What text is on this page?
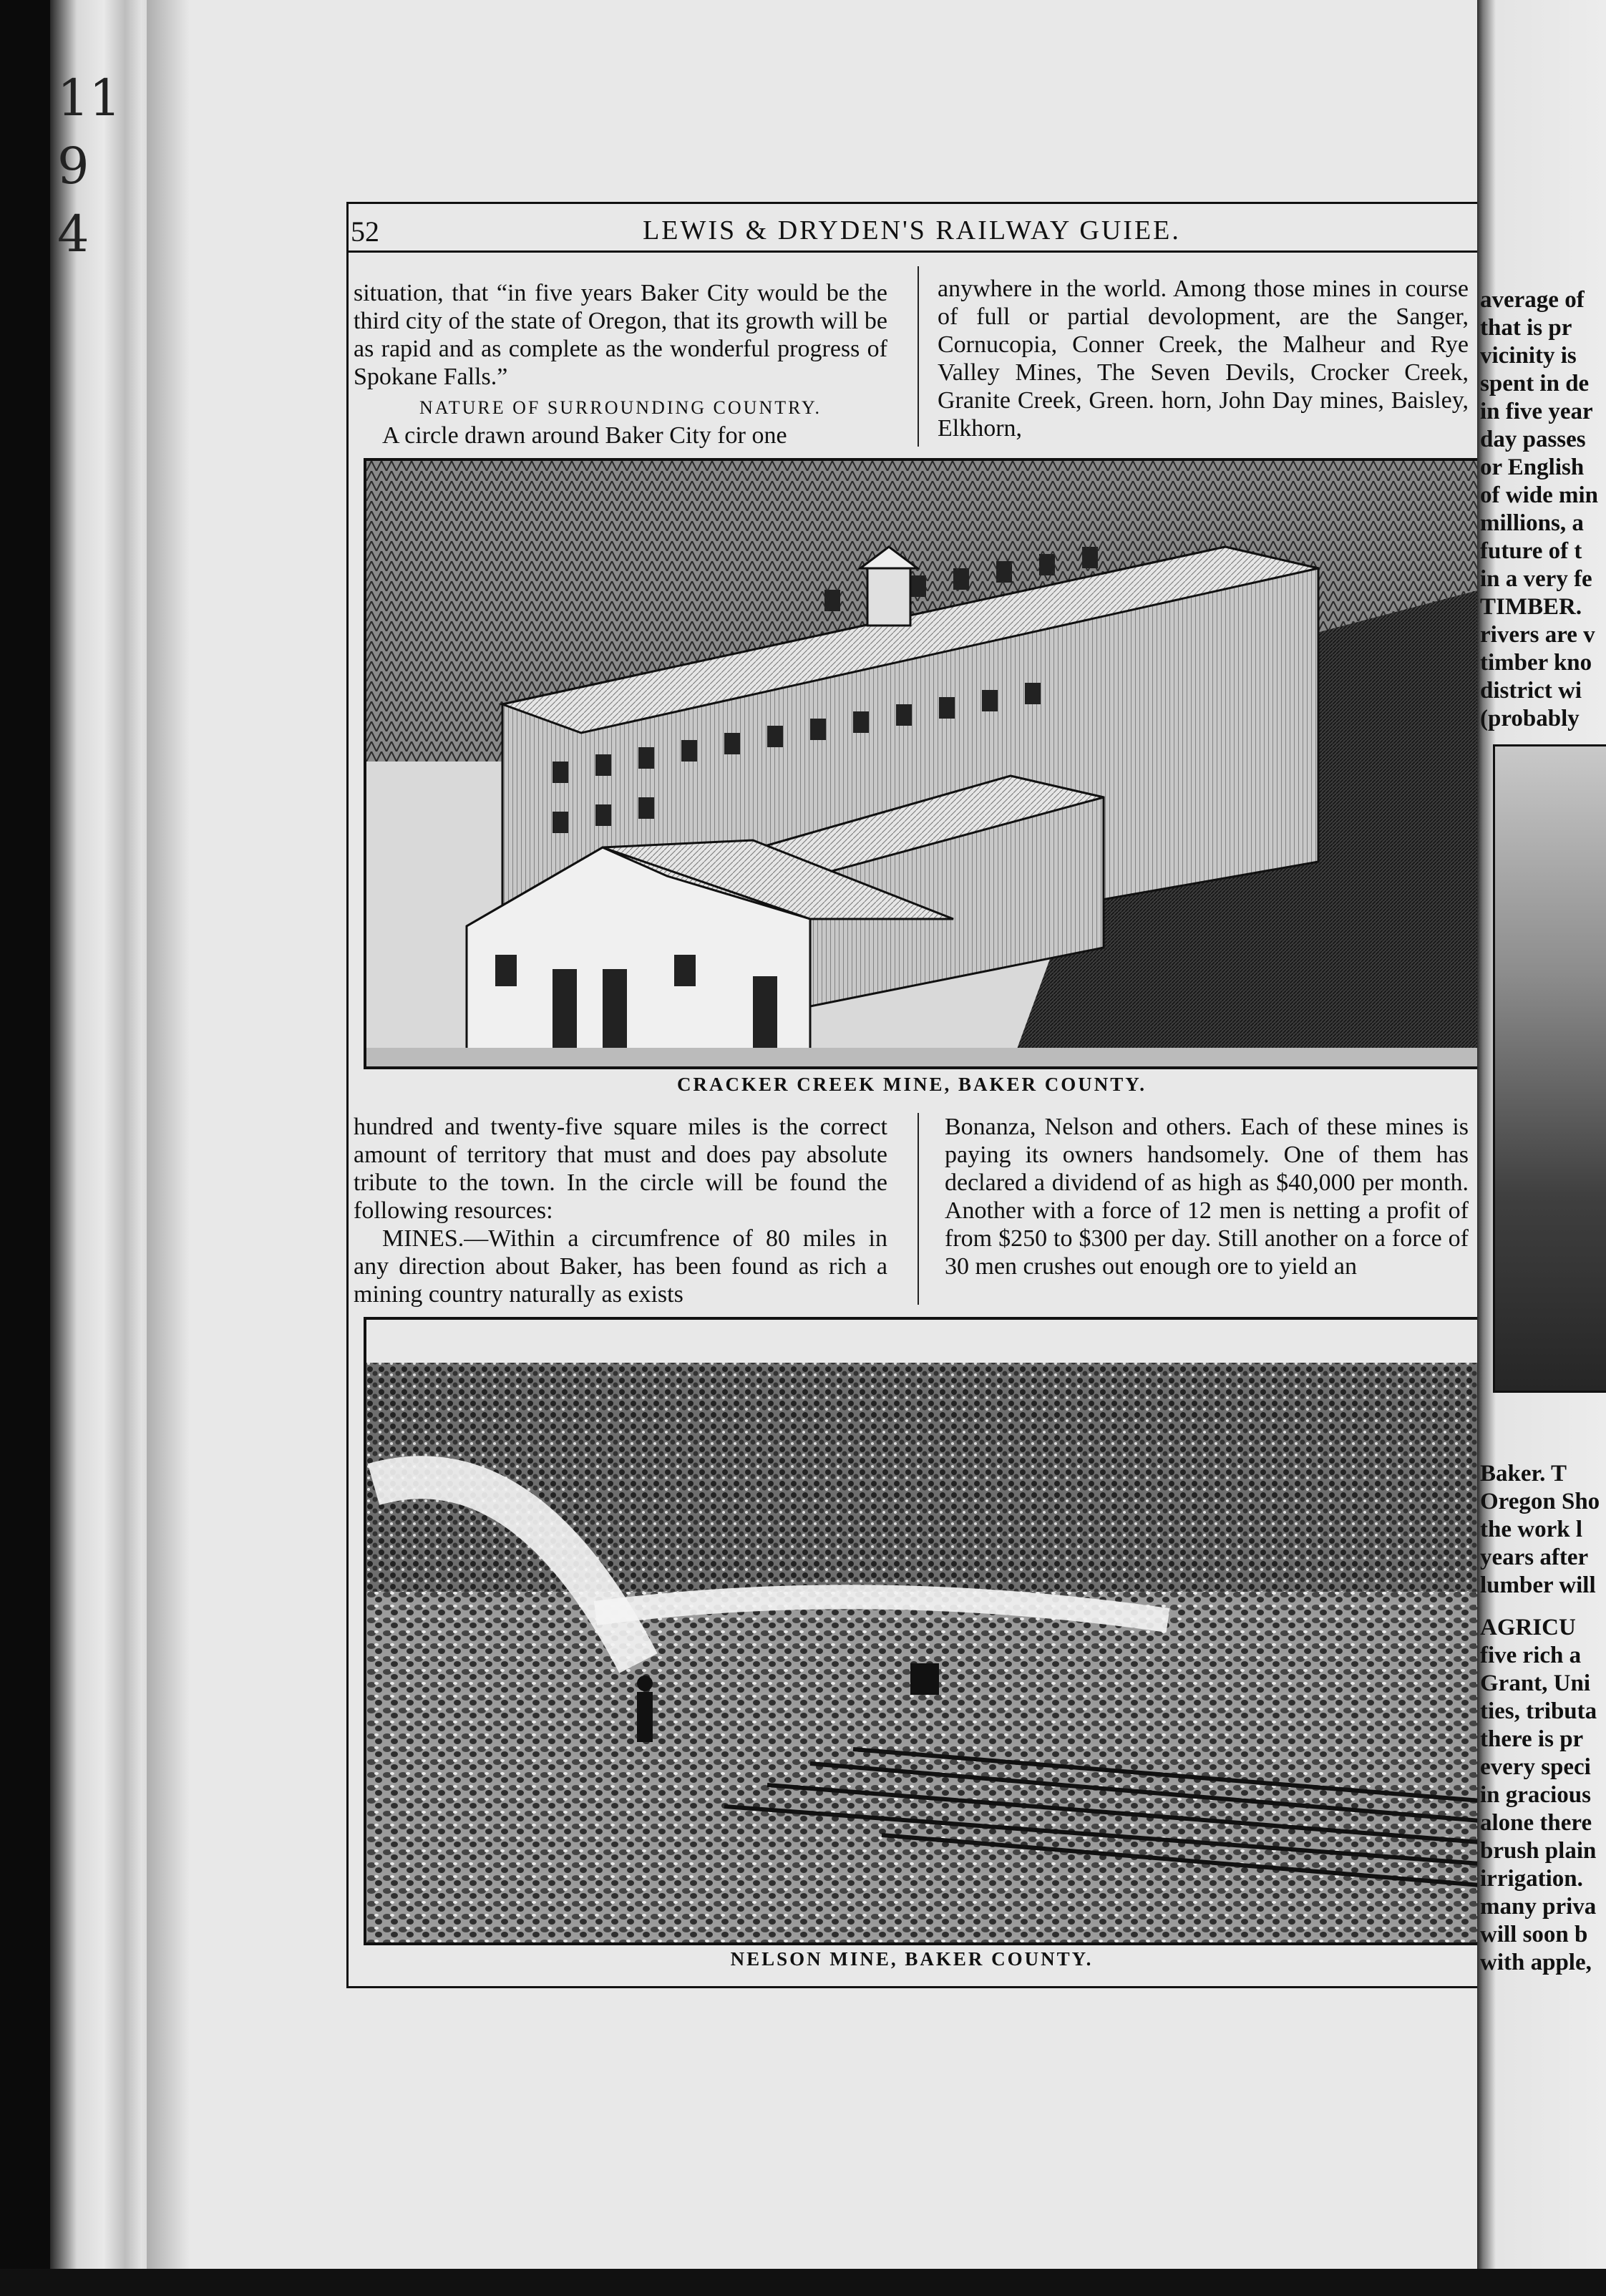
11
9
4	52	LEWIS & DRYDEN'S RAILWAY GUIEE.

situation, that “in five years Baker City would be the third city of the state of Oregon, that its growth will be as rapid and as complete as the wonderful progress of Spokane Falls.”

NATURE OF SURROUNDING COUNTRY.

A circle drawn around Baker City for one

anywhere in the world. Among those mines in course of full or partial devolopment, are the Sanger, Cornucopia, Conner Creek, the Malheur and Rye Valley Mines, The Seven Devils, Crocker Creek, Granite Creek, Green. horn, John Day mines, Baisley, Elkhorn,

CRACKER CREEK MINE, BAKER COUNTY.

hundred and twenty-five square miles is the correct amount of territory that must and does pay absolute tribute to the town. In the circle will be found the following resources:

MINES.—Within a circumfrence of 80 miles in any direction about Baker, has been found as rich a mining country naturally as exists

Bonanza, Nelson and others. Each of these mines is paying its owners handsomely. One of them has declared a dividend of as high as $40,000 per month. Another with a force of 12 men is netting a profit of from $250 to $300 per day. Still another on a force of 30 men crushes out enough ore to yield an

NELSON MINE, BAKER COUNTY.
average of
that is pr
vicinity is
spent in de
in five year
day passes
or English
of wide min
millions, a
future of t
in a very fe
TIMBER.
rivers are v
timber kno
district wi
(probably
Baker. T
Oregon Sho
the work l
years after
lumber will
AGRICU
five rich a
Grant, Uni
ties, tributa
there is pr
every speci
in gracious
alone there
brush plain
irrigation.
many priva
will soon b
with apple,
